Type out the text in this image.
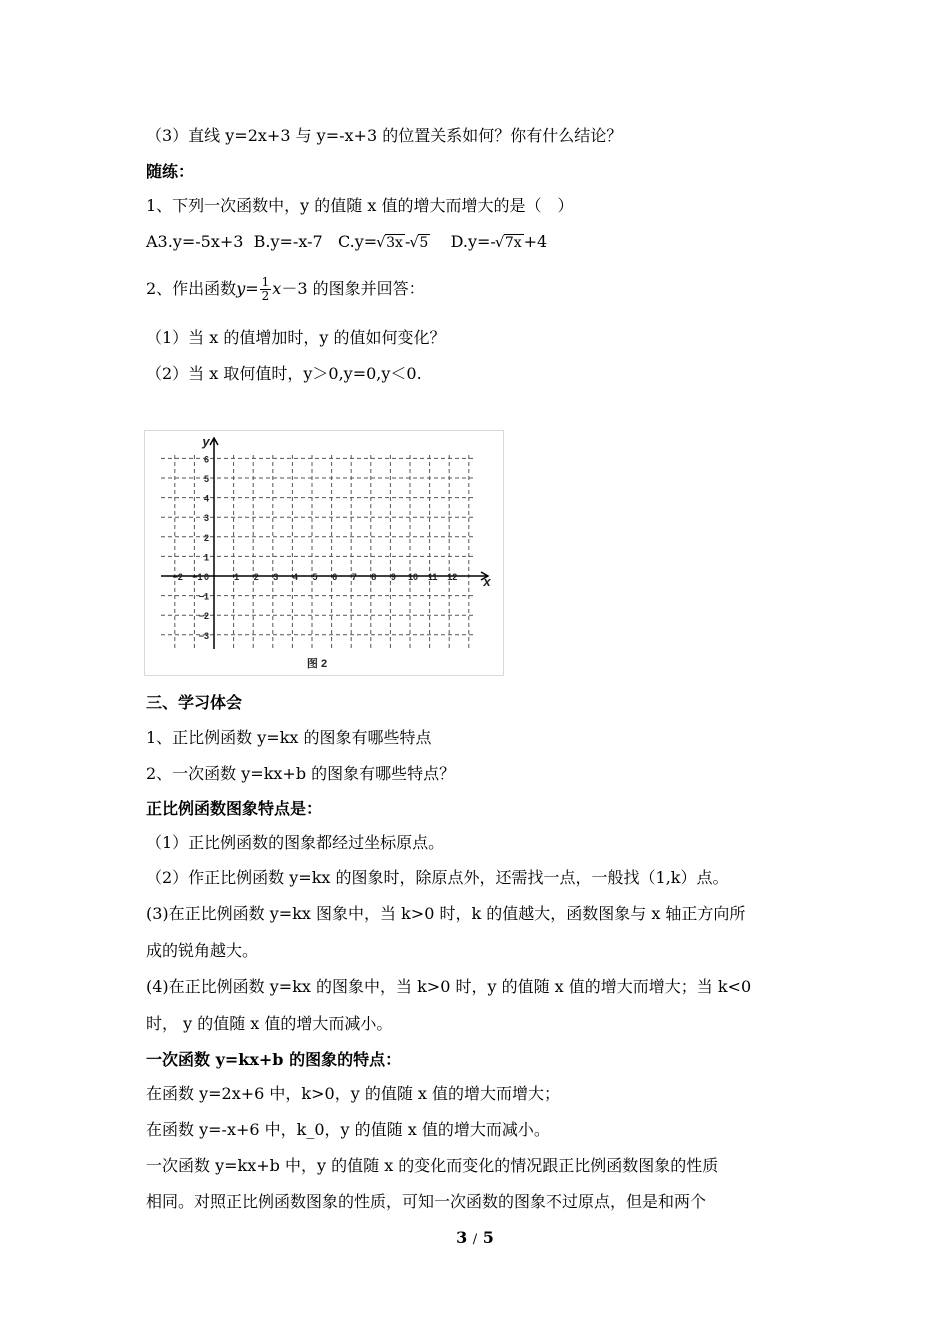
（3）直线 y=2x+3 与 y=-x+3 的位置关系如何？你有什么结论？
随练：
1、下列一次函数中，y 的值随 x 值的增大而增大的是（　）
A3.y=-5x+3 B.y=-x-7 C.y= √ 3x - √ 5 D.y=- √ 7x +4
2、作出函数$y= \frac{1}{2} x-3$ 的图象并回答：
（1）当 x 的值增加时，y 的值如何变化？
（2）当 x 取何值时，y＞0,y=0,y＜0.
−2 −1	1 2 3 4 5 6 7 8 9 10 11 12
6
5
4
3
2
1
−1
−2
−3
0	x
y
图 2
三、学习体会
1、正比例函数 y=kx 的图象有哪些特点
2、一次函数 y=kx+b 的图象有哪些特点？
正比例函数图象特点是：
（1）正比例函数的图象都经过坐标原点。
（2）作正比例函数 y=kx 的图象时，除原点外，还需找一点，一般找（1,k）点。
(3)在正比例函数 y=kx 图象中，当 k>0 时，k 的值越大，函数图象与 x 轴正方向所
成的锐角越大。
(4)在正比例函数 y=kx 的图象中，当 k>0 时，y 的值随 x 值的增大而增大；当 k<0
时， y 的值随 x 值的增大而减小。
一次函数 y=kx+b 的图象的特点：
在函数 y=2x+6 中，k>0，y 的值随 x 值的增大而增大；
在函数 y=-x+6 中，k_0，y 的值随 x 值的增大而减小。
一次函数 y=kx+b 中，y 的值随 x 的变化而变化的情况跟正比例函数图象的性质
相同。对照正比例函数图象的性质，可知一次函数的图象不过原点，但是和两个
3 / 5
